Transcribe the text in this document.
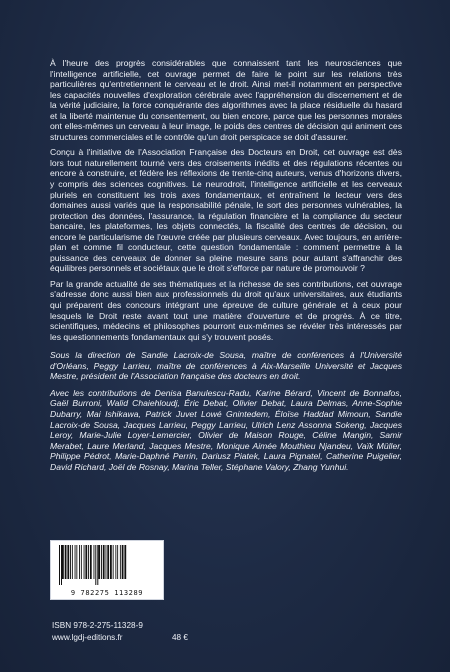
À l'heure des progrès considérables que connaissent tant les neurosciences que l'intelligence artificielle, cet ouvrage permet de faire le point sur les relations très particulières qu'entretiennent le cerveau et le droit. Ainsi met-il notamment en perspective les capacités nouvelles d'exploration cérébrale avec l'appréhension du discernement et de la vérité judiciaire, la force conquérante des algorithmes avec la place résiduelle du hasard et la liberté maintenue du consentement, ou bien encore, parce que les personnes morales ont elles-mêmes un cerveau à leur image, le poids des centres de décision qui animent ces structures commerciales et le contrôle qu'un droit perspicace se doit d'assurer.

Conçu à l'initiative de l'Association Française des Docteurs en Droit, cet ouvrage est dès lors tout naturellement tourné vers des croisements inédits et des régulations récentes ou encore à construire, et fédère les réflexions de trente-cinq auteurs, venus d'horizons divers, y compris des sciences cognitives. Le neurodroit, l'intelligence artificielle et les cerveaux pluriels en constituent les trois axes fondamentaux, et entraînent le lecteur vers des domaines aussi variés que la responsabilité pénale, le sort des personnes vulnérables, la protection des données, l'assurance, la régulation financière et la compliance du secteur bancaire, les plateformes, les objets connectés, la fiscalité des centres de décision, ou encore le particularisme de l'œuvre créée par plusieurs cerveaux. Avec toujours, en arrière-plan et comme fil conducteur, cette question fondamentale : comment permettre à la puissance des cerveaux de donner sa pleine mesure sans pour autant s'affranchir des équilibres personnels et sociétaux que le droit s'efforce par nature de promouvoir ?

Par la grande actualité de ses thématiques et la richesse de ses contributions, cet ouvrage s'adresse donc aussi bien aux professionnels du droit qu'aux universitaires, aux étudiants qui préparent des concours intégrant une épreuve de culture générale et à ceux pour lesquels le Droit reste avant tout une matière d'ouverture et de progrès. À ce titre, scientifiques, médecins et philosophes pourront eux-mêmes se révéler très intéressés par les questionnements fondamentaux qui s'y trouvent posés.

Sous la direction de Sandie Lacroix-de Sousa, maître de conférences à l'Université d'Orléans, Peggy Larrieu, maître de conférences à Aix-Marseille Université et Jacques Mestre, président de l'Association française des docteurs en droit.

Avec les contributions de Denisa Banulescu-Radu, Karine Bérard, Vincent de Bonnafos, Gaël Burroni, Walid Chaiehloudj, Éric Debat, Olivier Debat, Laura Delmas, Anne-Sophie Dubarry, Mai Ishikawa, Patrick Juvet Lowé Gnintedem, Éloïse Haddad Mimoun, Sandie Lacroix-de Sousa, Jacques Larrieu, Peggy Larrieu, Ulrich Lenz Assonna Sokeng, Jacques Leroy, Marie-Julie Loyer-Lemercier, Olivier de Maison Rouge, Céline Mangin, Samir Merabet, Laure Merland, Jacques Mestre, Monique Aimée Mouthieu Njandeu, Vaïk Müller, Philippe Pédrot, Marie-Daphné Perrin, Dariusz Piatek, Laura Pignatel, Catherine Puigelier, David Richard, Joël de Rosnay, Marina Teller, Stéphane Valory, Zhang Yunhui.

9 782275 113289
ISBN 978-2-275-11328-9
www.lgdj-editions.fr	48 €
